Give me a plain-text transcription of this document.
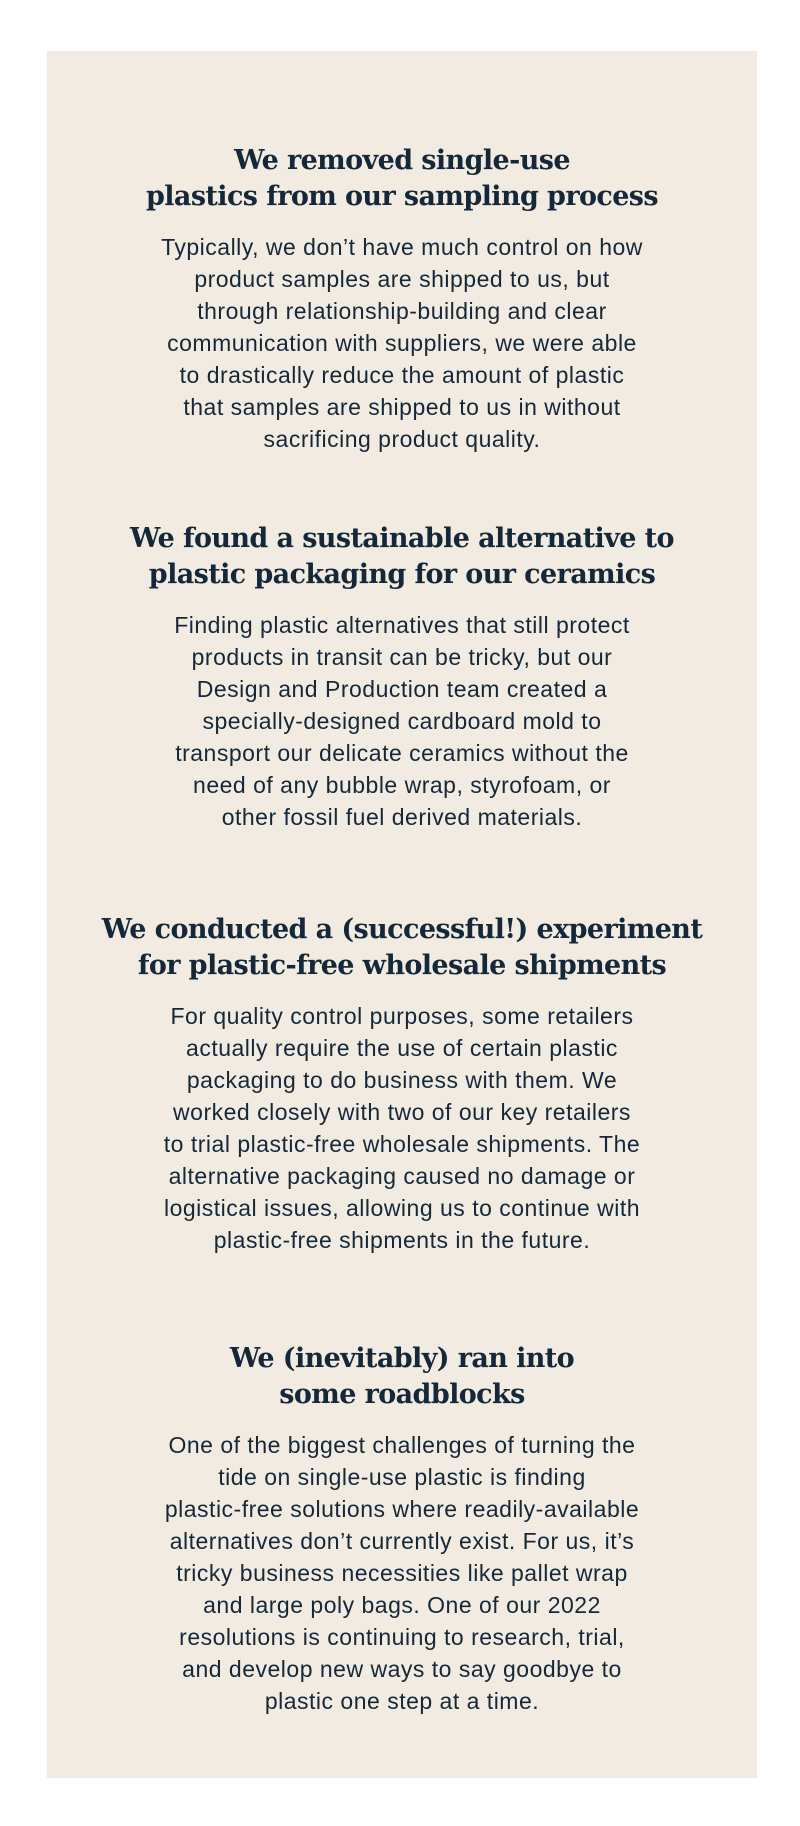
We removed single-use
plastics from our sampling process

Typically, we don’t have much control on how
product samples are shipped to us, but
through relationship-building and clear
communication with suppliers, we were able
to drastically reduce the amount of plastic
that samples are shipped to us in without
sacrificing product quality.

We found a sustainable alternative to
plastic packaging for our ceramics

Finding plastic alternatives that still protect
products in transit can be tricky, but our
Design and Production team created a
specially-designed cardboard mold to
transport our delicate ceramics without the
need of any bubble wrap, styrofoam, or
other fossil fuel derived materials.

We conducted a (successful!) experiment
for plastic-free wholesale shipments

For quality control purposes, some retailers
actually require the use of certain plastic
packaging to do business with them. We
worked closely with two of our key retailers
to trial plastic-free wholesale shipments. The
alternative packaging caused no damage or
logistical issues, allowing us to continue with
plastic-free shipments in the future.

We (inevitably) ran into
some roadblocks

One of the biggest challenges of turning the
tide on single-use plastic is finding
plastic-free solutions where readily-available
alternatives don’t currently exist. For us, it’s
tricky business necessities like pallet wrap
and large poly bags. One of our 2022
resolutions is continuing to research, trial,
and develop new ways to say goodbye to
plastic one step at a time.
